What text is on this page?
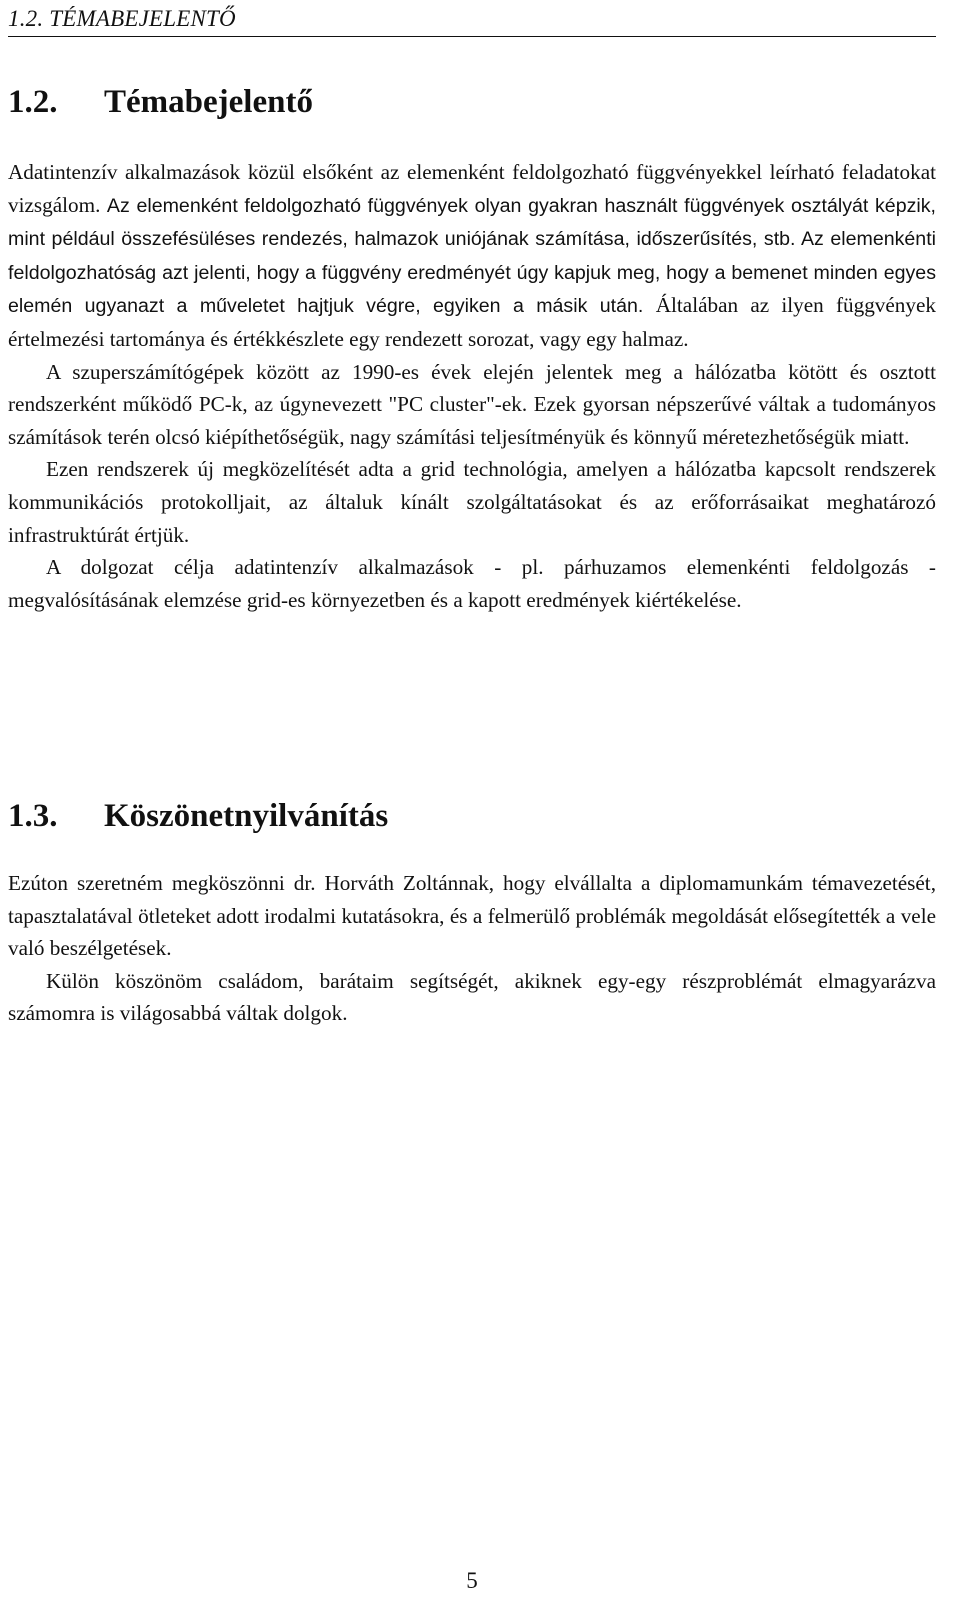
1.2. TÉMABEJELENTŐ
1.2. Témabejelentő

Adatintenzív alkalmazások közül elsőként az elemenként feldolgozható függvényekkel leírható feladatokat vizsgálom. Az elemenként feldolgozható függvények olyan gyakran használt függvények osztályát képzik, mint például összefésüléses rendezés, halmazok uniójának számítása, időszerűsítés, stb. Az elemenkénti feldolgozhatóság azt jelenti, hogy a függvény eredményét úgy kapjuk meg, hogy a bemenet minden egyes elemén ugyanazt a műveletet hajtjuk végre, egyiken a másik után. Általában az ilyen függvények értelmezési tartománya és értékkészlete egy rendezett sorozat, vagy egy halmaz.

A szuperszámítógépek között az 1990-es évek elején jelentek meg a hálózatba kötött és osztott rendszerként működő PC-k, az úgynevezett "PC cluster"-ek. Ezek gyorsan népszerűvé váltak a tudományos számítások terén olcsó kiépíthetőségük, nagy számítási teljesítményük és könnyű méretezhetőségük miatt.

Ezen rendszerek új megközelítését adta a grid technológia, amelyen a hálózatba kapcsolt rendszerek kommunikációs protokolljait, az általuk kínált szolgáltatásokat és az erőforrásaikat meghatározó infrastruktúrát értjük.

A dolgozat célja adatintenzív alkalmazások - pl. párhuzamos elemenkénti feldolgozás - megvalósításának elemzése grid-es környezetben és a kapott eredmények kiértékelése.

1.3. Köszönetnyilvánítás

Ezúton szeretném megköszönni dr. Horváth Zoltánnak, hogy elvállalta a diplomamunkám témavezetését, tapasztalatával ötleteket adott irodalmi kutatásokra, és a felmerülő problémák megoldását elősegítették a vele való beszélgetések.

Külön köszönöm családom, barátaim segítségét, akiknek egy-egy részproblémát elmagyarázva számomra is világosabbá váltak dolgok.

5
